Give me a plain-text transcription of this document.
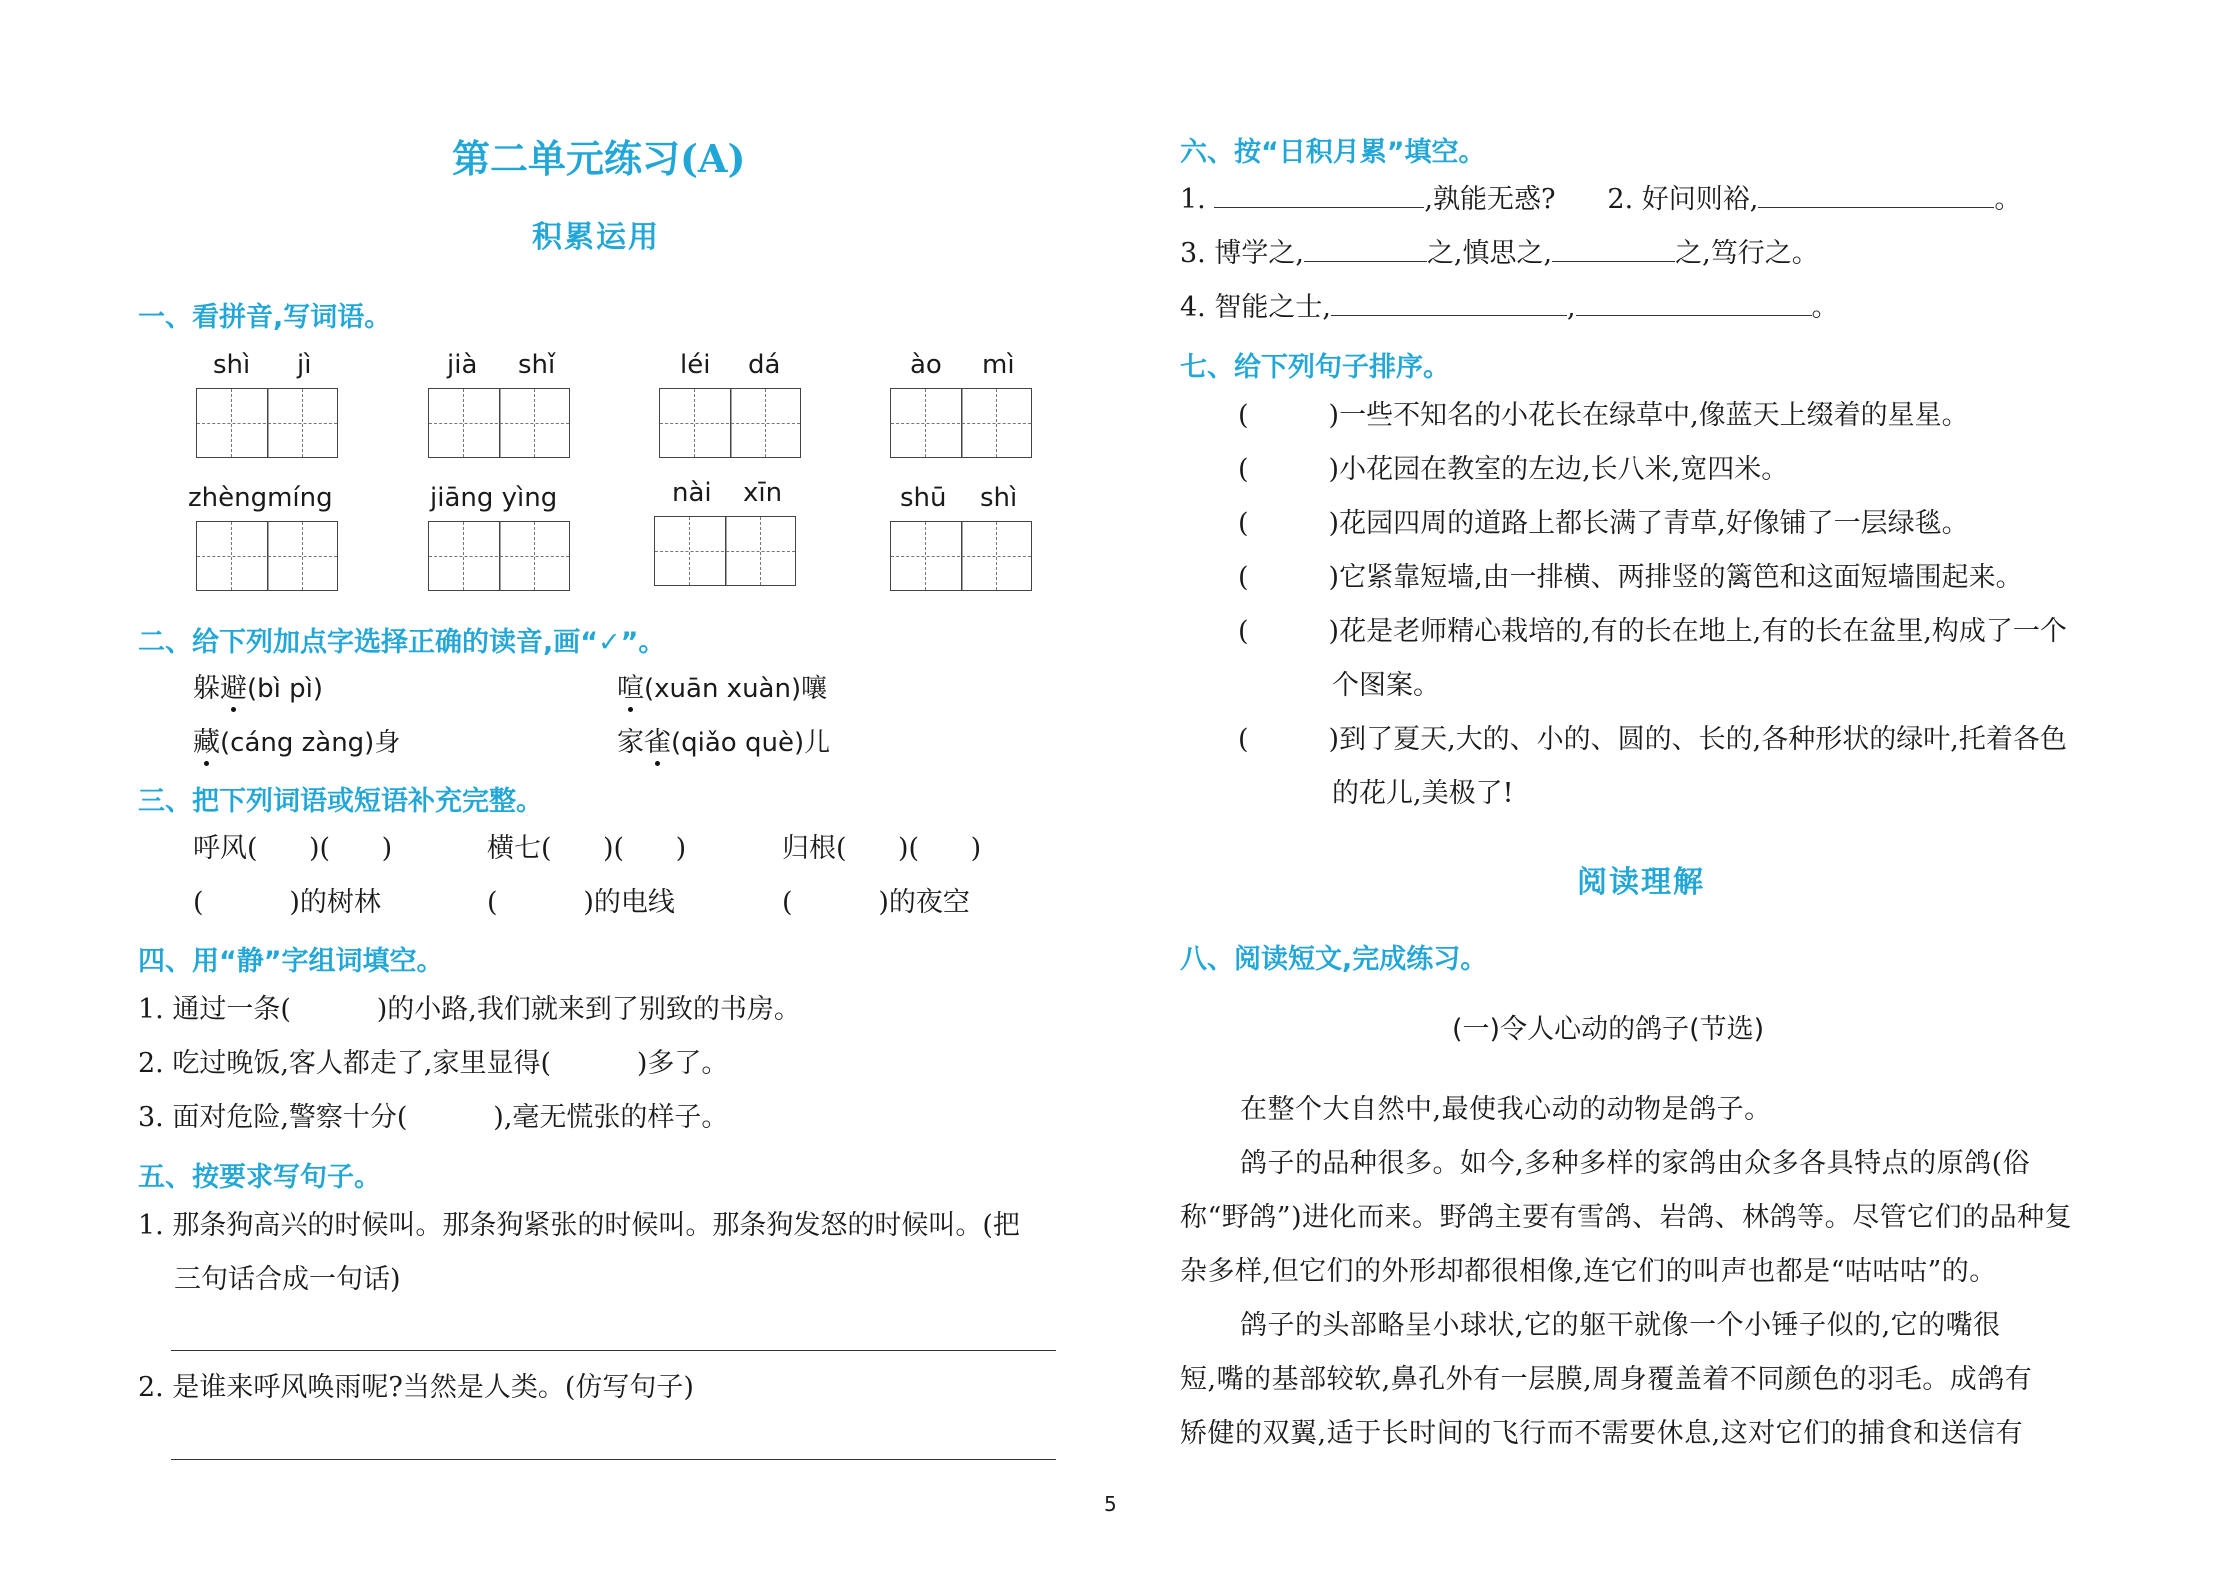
第二单元练习(A)
积累运用
一、看拼音,写词语。
shì jì	jià shǐ	léi dá	ào mì
zhèngmíng	jiāng yìng	nài xīn	shū shì
二、给下列加点字选择正确的读音,画“✓”。
躲避(bì pì)	喧(xuān xuàn)嚷
藏(cáng zàng)身	家雀(qiǎo què)儿
三、把下列词语或短语补充完整。
呼风(      )(      )	横七(      )(      )	归根(      )(      )
(          )的树林	(          )的电线	(          )的夜空
四、用“静”字组词填空。
1. 通过一条(          )的小路,我们就来到了别致的书房。
2. 吃过晚饭,客人都走了,家里显得(          )多了。
3. 面对危险,警察十分(          ),毫无慌张的样子。
五、按要求写句子。
1. 那条狗高兴的时候叫。那条狗紧张的时候叫。那条狗发怒的时候叫。(把
三句话合成一句话)
2. 是谁来呼风唤雨呢?当然是人类。(仿写句子)
六、按“日积月累”填空。
1.	,孰能无惑? 2. 好问则裕,	。
3. 博学之,	之,慎思之,	之,笃行之。
4. 智能之士,	,	。
七、给下列句子排序。
(	)一些不知名的小花长在绿草中,像蓝天上缀着的星星。
(	)小花园在教室的左边,长八米,宽四米。
(	)花园四周的道路上都长满了青草,好像铺了一层绿毯。
(	)它紧靠短墙,由一排横、两排竖的篱笆和这面短墙围起来。
(	)花是老师精心栽培的,有的长在地上,有的长在盆里,构成了一个
个图案。
(	)到了夏天,大的、小的、圆的、长的,各种形状的绿叶,托着各色
的花儿,美极了!
阅读理解
八、阅读短文,完成练习。
(一)令人心动的鸽子(节选)
在整个大自然中,最使我心动的动物是鸽子。
鸽子的品种很多。如今,多种多样的家鸽由众多各具特点的原鸽(俗
称“野鸽”)进化而来。野鸽主要有雪鸽、岩鸽、林鸽等。尽管它们的品种复
杂多样,但它们的外形却都很相像,连它们的叫声也都是“咕咕咕”的。
鸽子的头部略呈小球状,它的躯干就像一个小锤子似的,它的嘴很
短,嘴的基部较软,鼻孔外有一层膜,周身覆盖着不同颜色的羽毛。成鸽有
矫健的双翼,适于长时间的飞行而不需要休息,这对它们的捕食和送信有
5
